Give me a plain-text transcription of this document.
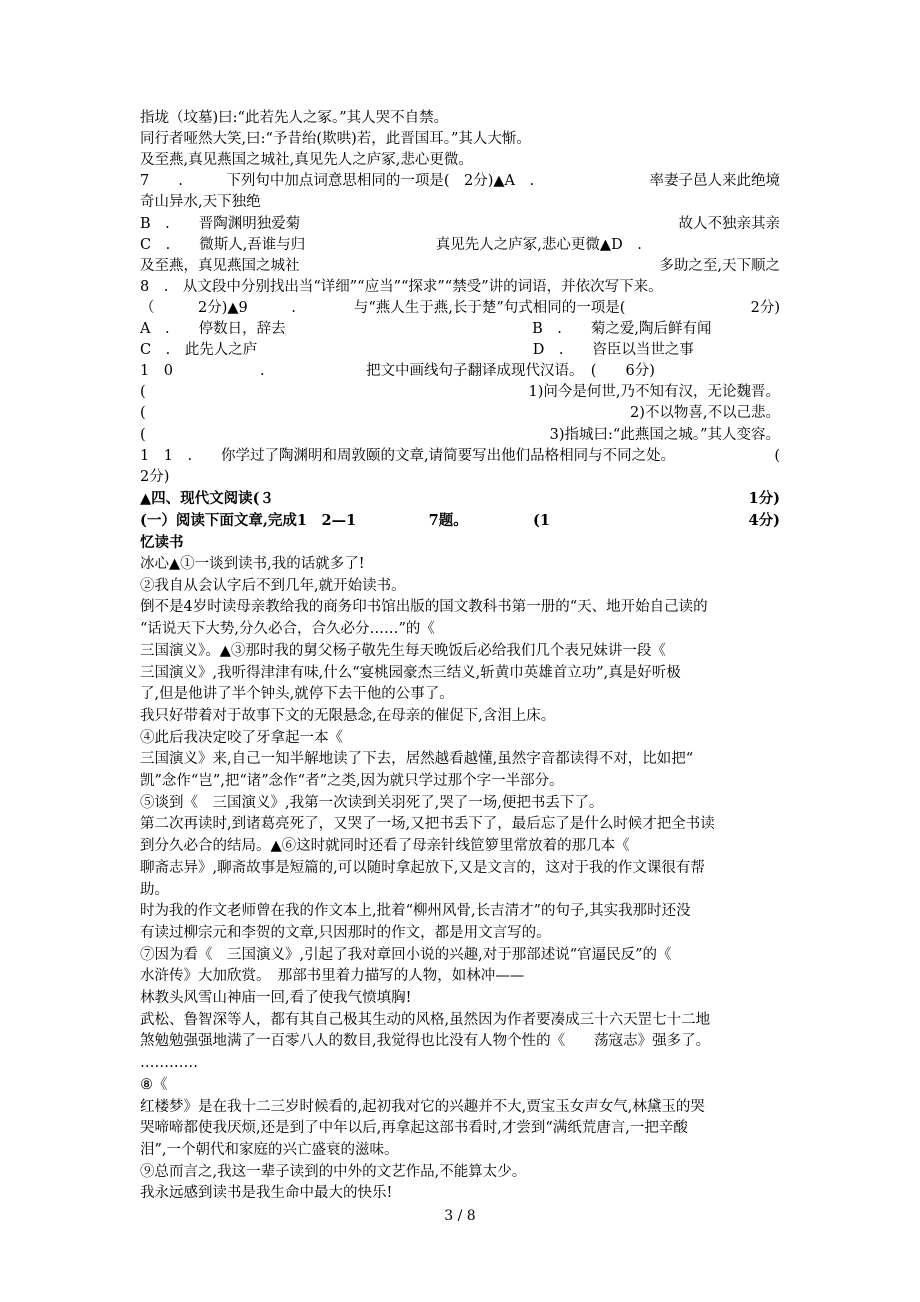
指垅（坟墓)曰:“此若先人之冢。”其人哭不自禁。
同行者哑然大笑,曰:“予昔绐(欺哄)若，此晋国耳。”其人大惭。
及至燕,真见燕国之城社,真见先人之庐冢,悲心更微。
7　　.　　　下列句中加点词意思相同的一项是(　2分)▲A　.	率妻子邑人来此绝境
奇山异水,天下独绝
B　.　　晋陶渊明独爱菊	故人不独亲其亲
C　.　　微斯人,吾谁与归　　　　　　　　　真见先人之庐冢,悲心更微▲D　.
及至燕，真见燕国之城社	多助之至,天下顺之
8　.　从文段中分别找出当“详细”“应当”“探求”“禁受”讲的词语，并依次写下来。
（　　　2分)▲9　　　.　　　　与“燕人生于燕,长于楚”句式相同的一项是(	2分)
A　.　　停数日，辞去　　　　　　　　　　　　　　　　　B　.　　菊之爱,陶后鲜有闻
C　.　此先人之庐　　　　　　　　　　　　　　　　　　　D　.　　咨臣以当世之事
1　0　　　　　　.　　　　　　　把文中画线句子翻译成现代汉语。　(　　6分)
(	1)问今是何世,乃不知有汉，无论魏晋。
(	2)不以物喜,不以己悲。
(	3)指城曰:“此燕国之城。”其人变容。
1　1　.　　你学过了陶渊明和周敦颐的文章,请简要写出他们品格相同与不同之处。	(
2分)
▲四、现代文阅读(３	1分)
(一）阅读下面文章,完成1　2—1　　　　　7题。　　　　　(1	4分)
忆读书
冰心▲①一谈到读书,我的话就多了!
②我自从会认字后不到几年,就开始读书。
倒不是4岁时读母亲教给我的商务印书馆出版的国文教科书第一册的“天、地开始自己读的
“话说天下大势,分久必合，合久必分……”的《
三国演义》。▲③那时我的舅父杨子敬先生每天晚饭后必给我们几个表兄妹讲一段《
三国演义》,我听得津津有味,什么“宴桃园豪杰三结义,斩黄巾英雄首立功”,真是好听极
了,但是他讲了半个钟头,就停下去干他的公事了。
我只好带着对于故事下文的无限悬念,在母亲的催促下,含泪上床。
④此后我决定咬了牙拿起一本《
三国演义》来,自己一知半解地读了下去，居然越看越懂,虽然字音都读得不对，比如把“
凯”念作“岂”,把“诸”念作“者”之类,因为就只学过那个字一半部分。
⑤谈到《　三国演义》,我第一次读到关羽死了,哭了一场,便把书丢下了。
第二次再读时,到诸葛亮死了，又哭了一场,又把书丢下了，最后忘了是什么时候才把全书读
到分久必合的结局。▲⑥这时就同时还看了母亲针线笸箩里常放着的那几本《
聊斋志异》,聊斋故事是短篇的,可以随时拿起放下,又是文言的，这对于我的作文课很有帮
助。
时为我的作文老师曾在我的作文本上,批着“柳州风骨,长吉清才”的句子,其实我那时还没
有读过柳宗元和李贺的文章,只因那时的作文，都是用文言写的。
⑦因为看《　三国演义》,引起了我对章回小说的兴趣,对于那部述说“官逼民反”的《
水浒传》大加欣赏。　那部书里着力描写的人物，如林冲——
林教头风雪山神庙一回,看了使我气愤填胸!
武松、鲁智深等人，都有其自己极其生动的风格,虽然因为作者要凑成三十六天罡七十二地
煞勉勉强强地满了一百零八人的数目,我觉得也比没有人物个性的《　　荡寇志》强多了。
…………
⑧《
红楼梦》是在我十二三岁时候看的,起初我对它的兴趣并不大,贾宝玉女声女气,林黛玉的哭
哭啼啼都使我厌烦,还是到了中年以后,再拿起这部书看时,才尝到“满纸荒唐言,一把辛酸
泪”,一个朝代和家庭的兴亡盛衰的滋味。
⑨总而言之,我这一辈子读到的中外的文艺作品,不能算太少。
我永远感到读书是我生命中最大的快乐!
3 / 8
